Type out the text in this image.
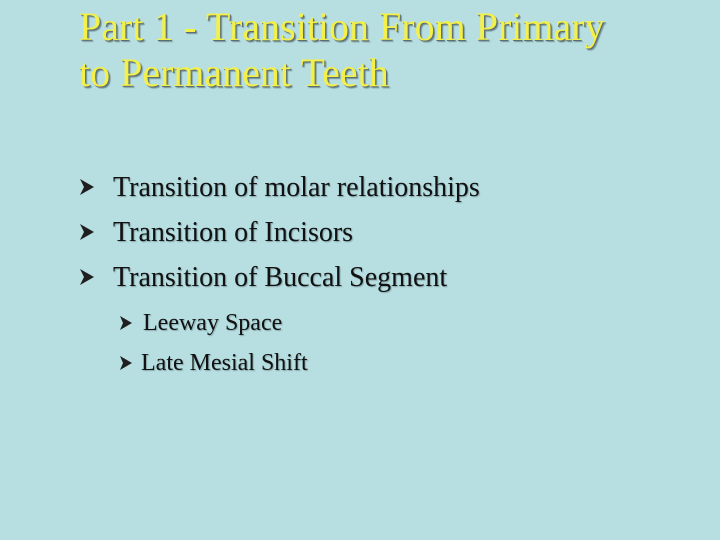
Part 1 - Transition From Primary
to Permanent Teeth
Transition of molar relationships
Transition of Incisors
Transition of Buccal Segment
Leeway Space
Late Mesial Shift
